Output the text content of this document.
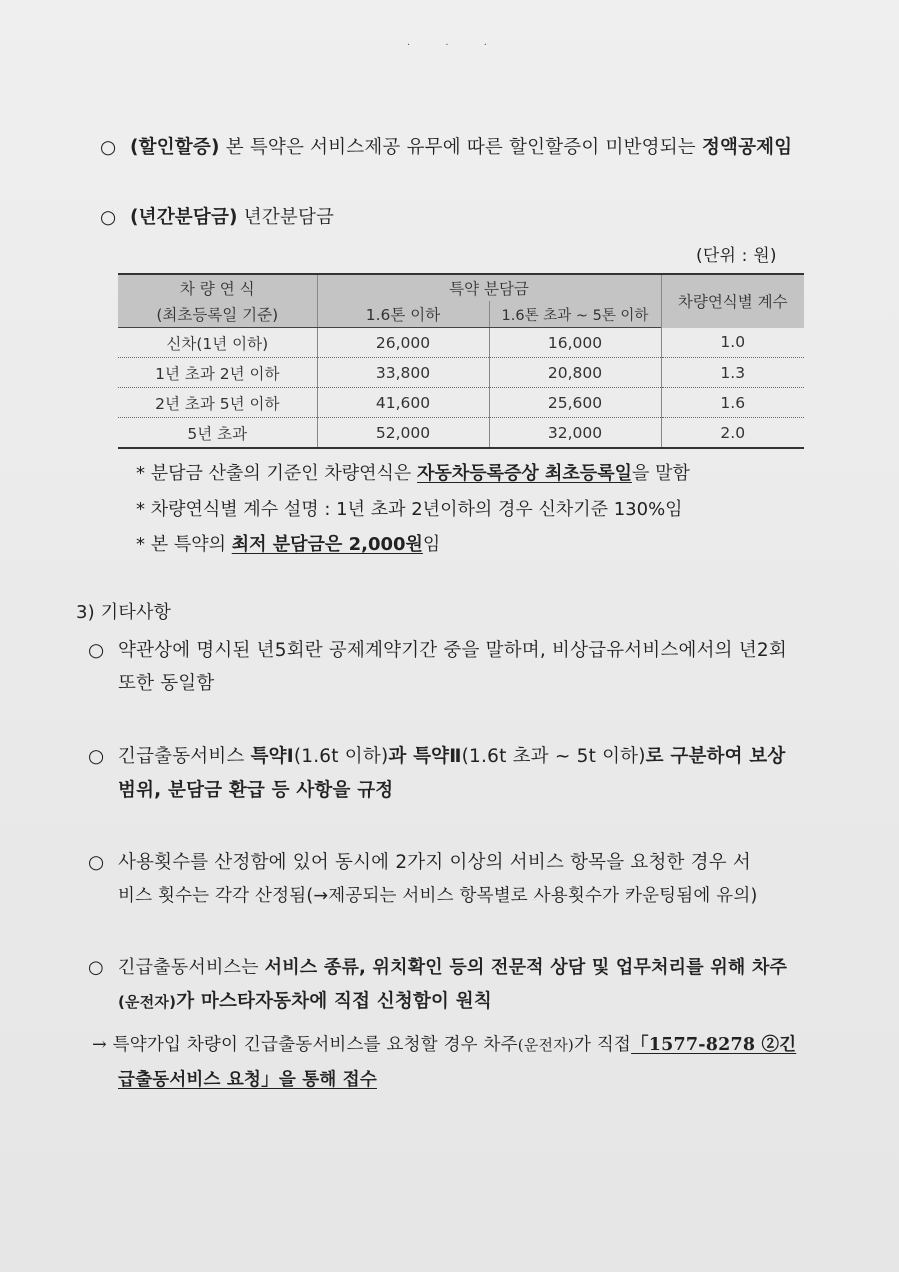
· · ·
○ (할인할증) 본 특약은 서비스제공 유무에 따른 할인할증이 미반영되는 정액공제임
○ (년간분담금) 년간분담금
(단위 : 원)
차 량 연 식	특약 분담금		차량연식별 계수
(최초등록일 기준)	1.6톤 이하	1.6톤 초과 ~ 5톤 이하	
신차(1년 이하)	26,000	16,000	1.0
1년 초과 2년 이하	33,800	20,800	1.3
2년 초과 5년 이하	41,600	25,600	1.6
5년 초과	52,000	32,000	2.0
* 분담금 산출의 기준인 차량연식은 자동차등록증상 최초등록일을 말함
* 차량연식별 계수 설명 : 1년 초과 2년이하의 경우 신차기준 130%임
* 본 특약의 최저 분담금은 2,000원임
3) 기타사항
○ 약관상에 명시된 년5회란 공제계약기간 중을 말하며, 비상급유서비스에서의 년2회
또한 동일함
○ 긴급출동서비스 특약Ⅰ(1.6t 이하)과 특약Ⅱ(1.6t 초과 ~ 5t 이하)로 구분하여 보상
범위, 분담금 환급 등 사항을 규정
○ 사용횟수를 산정함에 있어 동시에 2가지 이상의 서비스 항목을 요청한 경우 서
비스 횟수는 각각 산정됨(→제공되는 서비스 항목별로 사용횟수가 카운팅됨에 유의)
○ 긴급출동서비스는 서비스 종류, 위치확인 등의 전문적 상담 및 업무처리를 위해 차주
(운전자)가 마스타자동차에 직접 신청함이 원칙
→ 특약가입 차량이 긴급출동서비스를 요청할 경우 차주(운전자)가 직접「1577-8278 ②긴
급출동서비스 요청」을 통해 접수
